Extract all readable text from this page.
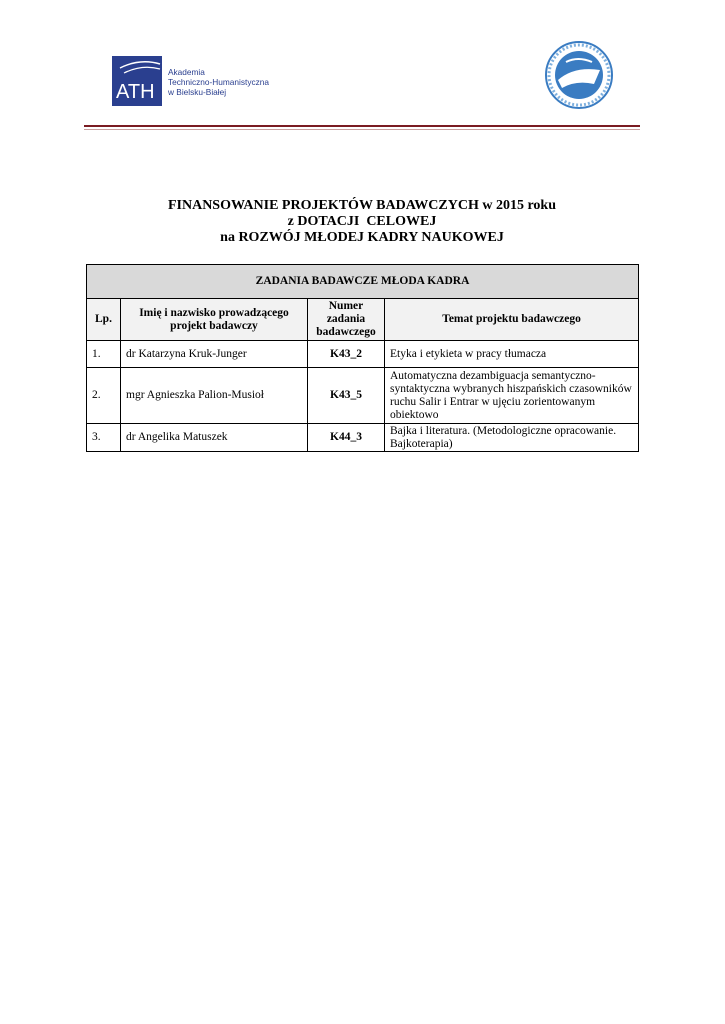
ATH
Akademia
Techniczno-Humanistyczna
w Bielsku-Białej
FINANSOWANIE PROJEKTÓW BADAWCZYCH w 2015 roku
z DOTACJI  CELOWEJ
na ROZWÓJ MŁODEJ KADRY NAUKOWEJ
ZADANIA BADAWCZE MŁODA KADRA			
Lp.	Imię i nazwisko prowadzącego projekt badawczy	Numer zadania badawczego	Temat projektu badawczego
1.	dr Katarzyna Kruk-Junger	K43_2	Etyka i etykieta w pracy tłumacza
2.	mgr Agnieszka Palion-Musioł	K43_5	Automatyczna dezambiguacja semantyczno-syntaktyczna wybranych hiszpańskich czasowników ruchu Salir i Entrar w ujęciu zorientowanym obiektowo
3.	dr Angelika Matuszek	K44_3	Bajka i literatura. (Metodologiczne opracowanie. Bajkoterapia)
